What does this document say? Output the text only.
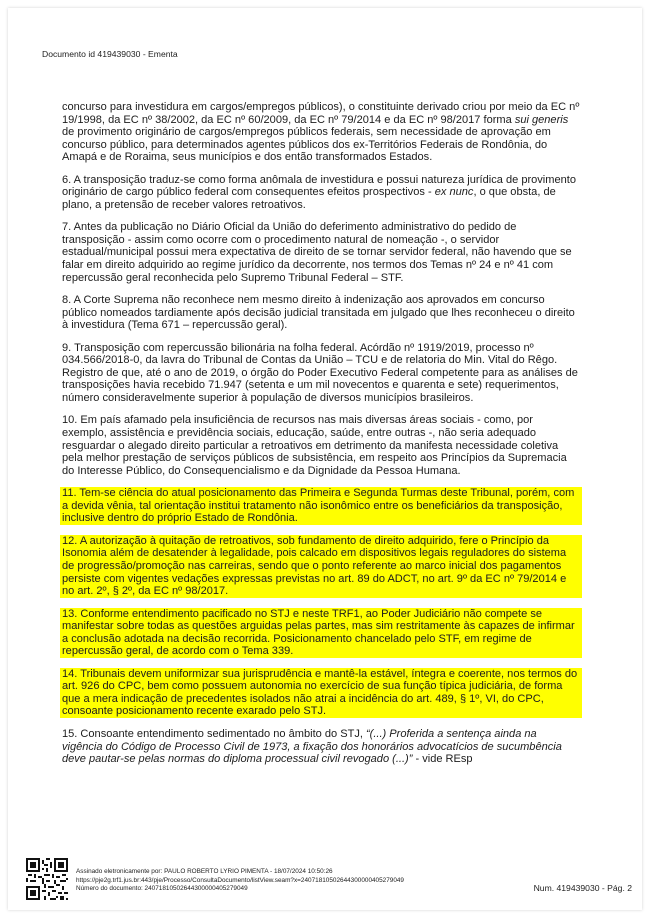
Documento id 419439030 - Ementa

concurso para investidura em cargos/empregos públicos), o constituinte derivado criou por meio da EC nº 19/1998, da EC nº 38/2002, da EC nº 60/2009, da EC nº 79/2014 e da EC nº 98/2017 forma sui generis de provimento originário de cargos/empregos públicos federais, sem necessidade de aprovação em concurso público, para determinados agentes públicos dos ex-Territórios Federais de Rondônia, do Amapá e de Roraima, seus municípios e dos então transformados Estados.

6. A transposição traduz-se como forma anômala de investidura e possui natureza jurídica de provimento originário de cargo público federal com consequentes efeitos prospectivos - ex nunc, o que obsta, de plano, a pretensão de receber valores retroativos.

7. Antes da publicação no Diário Oficial da União do deferimento administrativo do pedido de transposição - assim como ocorre com o procedimento natural de nomeação -, o servidor estadual/municipal possui mera expectativa de direito de se tornar servidor federal, não havendo que se falar em direito adquirido ao regime jurídico da decorrente, nos termos dos Temas nº 24 e nº 41 com repercussão geral reconhecida pelo Supremo Tribunal Federal – STF.

8. A Corte Suprema não reconhece nem mesmo direito à indenização aos aprovados em concurso público nomeados tardiamente após decisão judicial transitada em julgado que lhes reconheceu o direito à investidura (Tema 671 – repercussão geral).

9. Transposição com repercussão bilionária na folha federal. Acórdão nº 1919/2019, processo nº 034.566/2018-0, da lavra do Tribunal de Contas da União – TCU e de relatoria do Min. Vital do Rêgo. Registro de que, até o ano de 2019, o órgão do Poder Executivo Federal competente para as análises de transposições havia recebido 71.947 (setenta e um mil novecentos e quarenta e sete) requerimentos, número consideravelmente superior à população de diversos municípios brasileiros.

10. Em país afamado pela insuficiência de recursos nas mais diversas áreas sociais - como, por exemplo, assistência e previdência sociais, educação, saúde, entre outras -, não seria adequado resguardar o alegado direito particular a retroativos em detrimento da manifesta necessidade coletiva pela melhor prestação de serviços públicos de subsistência, em respeito aos Princípios da Supremacia do Interesse Público, do Consequencialismo e da Dignidade da Pessoa Humana.

11. Tem-se ciência do atual posicionamento das Primeira e Segunda Turmas deste Tribunal, porém, com a devida vênia, tal orientação institui tratamento não isonômico entre os beneficiários da transposição, inclusive dentro do próprio Estado de Rondônia.

12. A autorização à quitação de retroativos, sob fundamento de direito adquirido, fere o Princípio da Isonomia além de desatender à legalidade, pois calcado em dispositivos legais reguladores do sistema de progressão/promoção nas carreiras, sendo que o ponto referente ao marco inicial dos pagamentos persiste com vigentes vedações expressas previstas no art. 89 do ADCT, no art. 9º da EC nº 79/2014 e no art. 2º, § 2º, da EC nº 98/2017.

13. Conforme entendimento pacificado no STJ e neste TRF1, ao Poder Judiciário não compete se manifestar sobre todas as questões arguidas pelas partes, mas sim restritamente às capazes de infirmar a conclusão adotada na decisão recorrida. Posicionamento chancelado pelo STF, em regime de repercussão geral, de acordo com o Tema 339.

14. Tribunais devem uniformizar sua jurisprudência e mantê-la estável, íntegra e coerente, nos termos do art. 926 do CPC, bem como possuem autonomia no exercício de sua função típica judiciária, de forma que a mera indicação de precedentes isolados não atrai a incidência do art. 489, § 1º, VI, do CPC, consoante posicionamento recente exarado pelo STJ.

15. Consoante entendimento sedimentado no âmbito do STJ, “(...) Proferida a sentença ainda na vigência do Código de Processo Civil de 1973, a fixação dos honorários advocatícios de sucumbência deve pautar-se pelas normas do diploma processual civil revogado (...)” - vide REsp

Assinado eletronicamente por: PAULO ROBERTO LYRIO PIMENTA - 18/07/2024 10:50:26
https://pje2g.trf1.jus.br:443/pje/Processo/ConsultaDocumento/listView.seam?x=24071810502644300000405279049
Número do documento: 24071810502644300000405279049	Num. 419439030 - Pág. 2
